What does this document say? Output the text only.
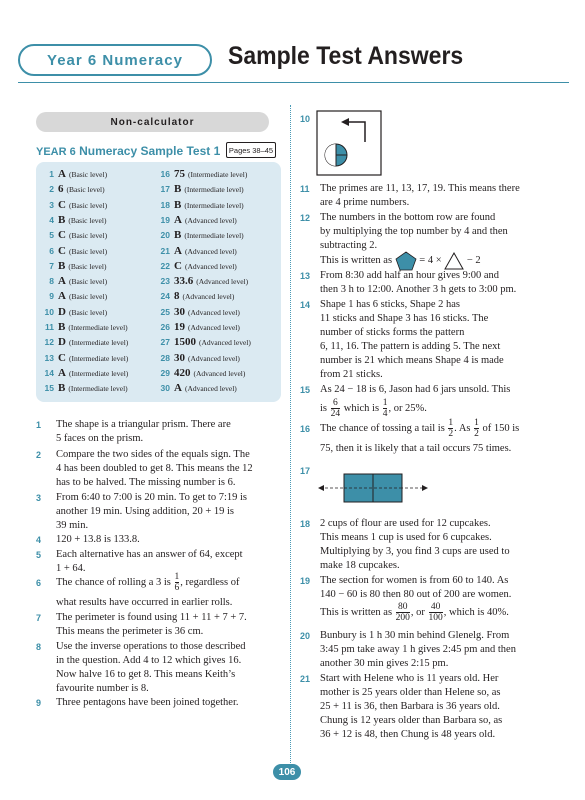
Year 6 Numeracy Sample Test Answers
Non-calculator
YEAR 6 Numeracy Sample Test 1	Pages 38–45
1 A (Basic level)
2 6 (Basic level)
3 C (Basic level)
4 B (Basic level)
5 C (Basic level)
6 C (Basic level)
7 B (Basic level)
8 A (Basic level)
9 A (Basic level)
10 D (Basic level)
11 B (Intermediate level)
12 D (Intermediate level)
13 C (Intermediate level)
14 A (Intermediate level)
15 B (Intermediate level)
16 75 (Intermediate level)
17 B (Intermediate level)
18 B (Intermediate level)
19 A (Advanced level)
20 B (Intermediate level)
21 A (Advanced level)
22 C (Advanced level)
23 33.6 (Advanced level)
24 8 (Advanced level)
25 30 (Advanced level)
26 19 (Advanced level)
27 1500 (Advanced level)
28 30 (Advanced level)
29 420 (Advanced level)
30 A (Advanced level)
1 The shape is a triangular prism. There are
5 faces on the prism.
2 Compare the two sides of the equals sign. The
4 has been doubled to get 8. This means the 12
has to be halved. The missing number is 6.
3 From 6:40 to 7:00 is 20 min. To get to 7:19 is
another 19 min. Using addition, 20 + 19 is
39 min.
4 120 + 13.8 is 133.8.
5 Each alternative has an answer of 64, except
1 + 64.
6 The chance of rolling a 3 is $\frac{1}{6}$ , regardless of
what results have occurred in earlier rolls.
7 The perimeter is found using 11 + 11 + 7 + 7.
This means the perimeter is 36 cm.
8 Use the inverse operations to those described
in the question. Add 4 to 12 which gives 16.
Now halve 16 to get 8. This means Keith’s
favourite number is 8.
9 Three pentagons have been joined together.
10
11 The primes are 11, 13, 17, 19. This means there
are 4 prime numbers.
12 The numbers in the bottom row are found
by multiplying the top number by 4 and then
subtracting 2.
This is written as	= 4 × − 2
13 From 8:30 add half an hour gives 9:00 and
then 3 h to 12:00. Another 3 h gets to 3:00 pm.
14 Shape 1 has 6 sticks, Shape 2 has
11 sticks and Shape 3 has 16 sticks. The
number of sticks forms the pattern
6, 11, 16. The pattern is adding 5. The next
number is 21 which means Shape 4 is made
from 21 sticks.
15 As 24 − 18 is 6, Jason had 6 jars unsold. This
is $\frac{6}{24}$ which is $\frac{1}{4}$ , or 25%.
16 The chance of tossing a tail is $\frac{1}{2}$ . As $\frac{1}{2}$ of 150 is
75, then it is likely that a tail occurs 75 times.
17
18 2 cups of flour are used for 12 cupcakes.
This means 1 cup is used for 6 cupcakes.
Multiplying by 3, you find 3 cups are used to
make 18 cupcakes.
19 The section for women is from 60 to 140. As
140 − 60 is 80 then 80 out of 200 are women.
This is written as $\frac{80}{200}$ , or $\frac{40}{100}$ , which is 40%.
20 Bunbury is 1 h 30 min behind Glenelg. From
3:45 pm take away 1 h gives 2:45 pm and then
another 30 min gives 2:15 pm.
21 Start with Helene who is 11 years old. Her
mother is 25 years older than Helene so, as
25 + 11 is 36, then Barbara is 36 years old.
Chung is 12 years older than Barbara so, as
36 + 12 is 48, then Chung is 48 years old.
106
